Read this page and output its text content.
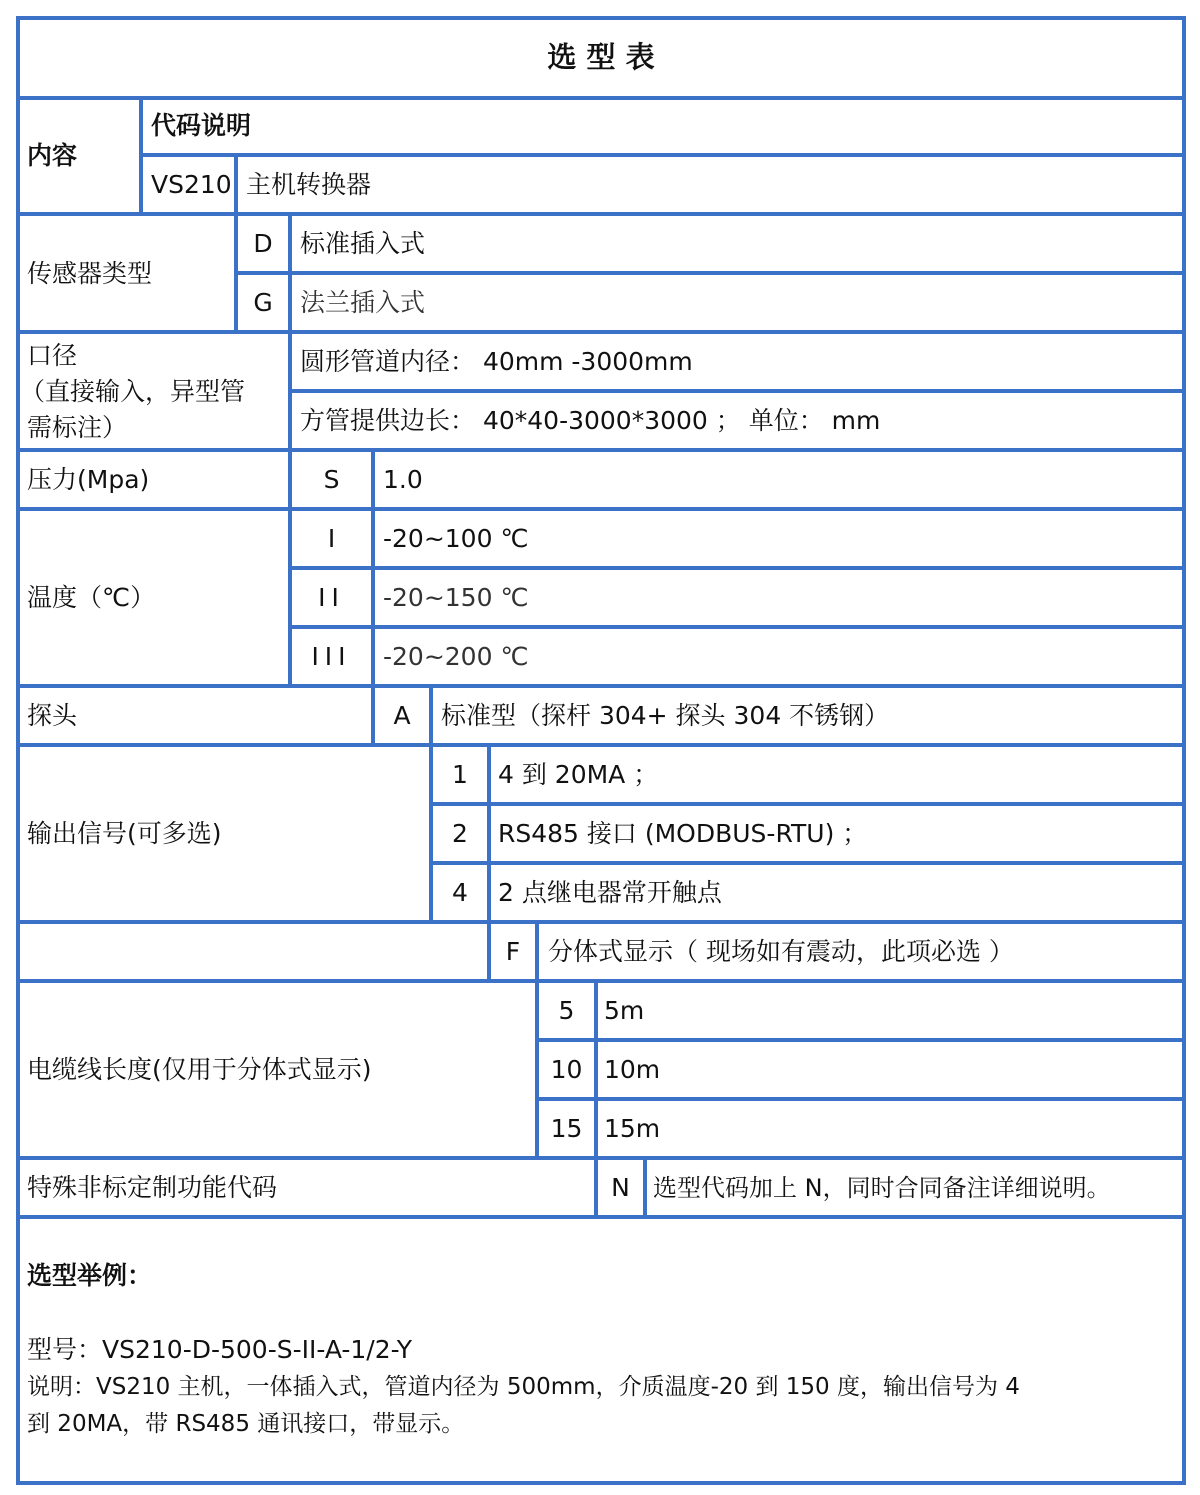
选 型 表
内容
代码说明
VS210 主机转换器
传感器类型
D	标准插入式
G	法兰插入式
口径
（直接输入，异型管
需标注）
圆形管道内径： 40mm -3000mm
方管提供边长： 40*40-3000*3000 ； 单位： mm
压力(Mpa)	S	1.0
温度（℃）
I	-20~100 ℃
II	-20~150 ℃
III	-20~200 ℃
探头	A	标准型（探杆 304+ 探头 304 不锈钢）
输出信号(可多选)
1	4 到 20MA ；
2	RS485 接口 (MODBUS-RTU) ；
4	2 点继电器常开触点
F	分体式显示（ 现场如有震动，此项必选 ）
电缆线长度(仅用于分体式显示)
5	5m
10 10m
15 15m
特殊非标定制功能代码	N 选型代码加上 N，同时合同备注详细说明。
选型举例：
型号：VS210-D-500-S-II-A-1/2-Y
说明：VS210 主机，一体插入式，管道内径为 500mm，介质温度-20 到 150 度，输出信号为 4
到 20MA，带 RS485 通讯接口，带显示。
